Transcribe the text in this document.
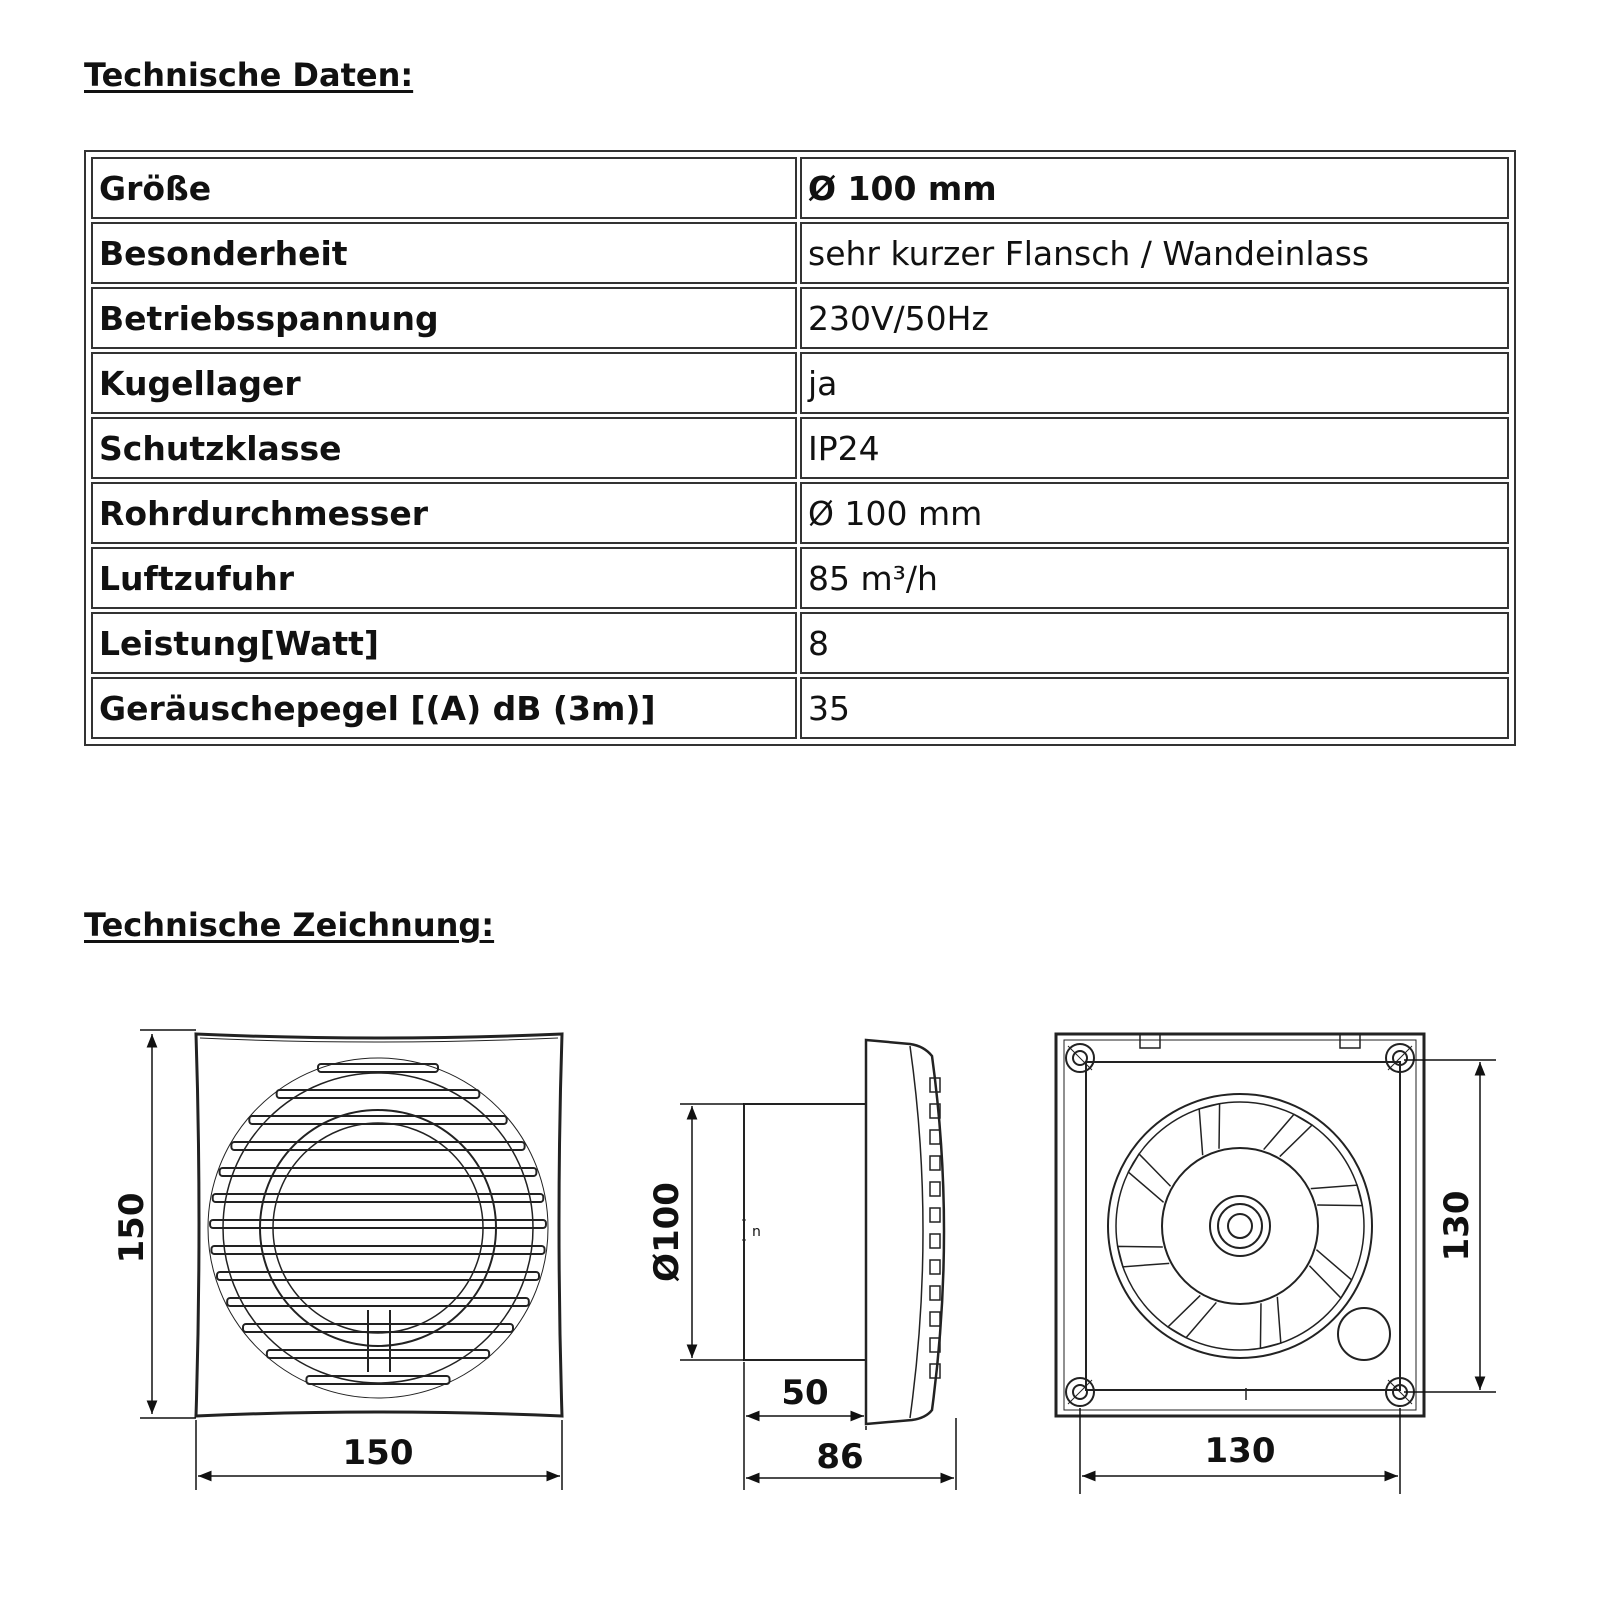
Technische Daten:
Größe	Ø 100 mm
Besonderheit	sehr kurzer Flansch / Wandeinlass
Betriebsspannung	230V/50Hz
Kugellager	ja
Schutzklasse	IP24
Rohrdurchmesser	Ø 100 mm
Luftzufuhr	85 m³/h
Leistung[Watt]	8
Geräuschepegel [(A) dB (3m)]	35
Technische Zeichnung:
150
150
n
Ø100
50
86
130
130
